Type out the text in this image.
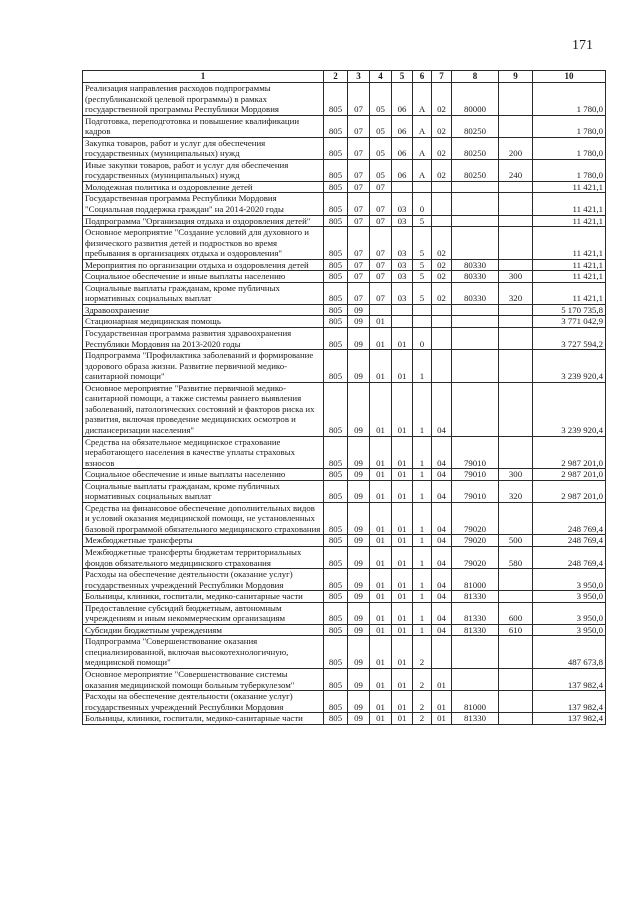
171
1	2	3	4	5	6	7	8	9	10
Реализация направления расходов подпрограммы (республиканской целевой программы) в рамках государственной программы Республики Мордовия	805	07	05	06	А	02	80000		1 780,0
Подготовка, переподготовка и повышение квалификации кадров	805	07	05	06	А	02	80250		1 780,0
Закупка товаров, работ и услуг для обеспечения государственных (муниципальных) нужд	805	07	05	06	А	02	80250	200	1 780,0
Иные закупки товаров, работ и услуг для обеспечения государственных (муниципальных) нужд	805	07	05	06	А	02	80250	240	1 780,0
Молодежная политика и оздоровление детей	805	07	07						11 421,1
Государственная программа Республики Мордовия "Социальная поддержка граждан" на 2014-2020 годы	805	07	07	03	0				11 421,1
Подпрограмма "Организация отдыха и оздоровления детей"	805	07	07	03	5				11 421,1
Основное мероприятие "Создание условий для духовного и физического развития детей и подростков во время пребывания в организациях отдыха и оздоровления"	805	07	07	03	5	02			11 421,1
Мероприятия по организации отдыха и оздоровления детей	805	07	07	03	5	02	80330		11 421,1
Социальное обеспечение и иные выплаты населению	805	07	07	03	5	02	80330	300	11 421,1
Социальные выплаты гражданам, кроме публичных нормативных социальных выплат	805	07	07	03	5	02	80330	320	11 421,1
Здравоохранение	805	09							5 170 735,8
Стационарная медицинская помощь	805	09	01						3 771 042,9
Государственная программа развития здравоохранения Республики Мордовия на 2013-2020 годы	805	09	01	01	0				3 727 594,2
Подпрограмма "Профилактика заболеваний и формирование здорового образа жизни. Развитие первичной медико-санитарной помощи"	805	09	01	01	1				3 239 920,4
Основное мероприятие "Развитие первичной медико-санитарной помощи, а также системы раннего выявления заболеваний, патологических состояний и факторов риска их развития, включая проведение медицинских осмотров и диспансеризации населения"	805	09	01	01	1	04			3 239 920,4
Средства на обязательное медицинское страхование неработающего населения в качестве уплаты страховых взносов	805	09	01	01	1	04	79010		2 987 201,0
Социальное обеспечение и иные выплаты населению	805	09	01	01	1	04	79010	300	2 987 201,0
Социальные выплаты гражданам, кроме публичных нормативных социальных выплат	805	09	01	01	1	04	79010	320	2 987 201,0
Средства на финансовое обеспечение дополнительных видов и условий оказания медицинской помощи, не установленных базовой программой обязательного медицинского страхования	805	09	01	01	1	04	79020		248 769,4
Межбюджетные трансферты	805	09	01	01	1	04	79020	500	248 769,4
Межбюджетные трансферты бюджетам территориальных фондов обязательного медицинского страхования	805	09	01	01	1	04	79020	580	248 769,4
Расходы на обеспечение деятельности (оказание услуг) государственных учреждений Республики Мордовия	805	09	01	01	1	04	81000		3 950,0
Больницы, клиники, госпитали, медико-санитарные части	805	09	01	01	1	04	81330		3 950,0
Предоставление субсидий бюджетным, автономным учреждениям и иным некоммерческим организациям	805	09	01	01	1	04	81330	600	3 950,0
Субсидии бюджетным учреждениям	805	09	01	01	1	04	81330	610	3 950,0
Подпрограмма "Совершенствование оказания специализированной, включая высокотехнологичную, медицинской помощи"	805	09	01	01	2				487 673,8
Основное мероприятие "Совершенствование системы оказания медицинской помощи больным туберкулезом"	805	09	01	01	2	01			137 982,4
Расходы на обеспечение деятельности (оказание услуг) государственных учреждений Республики Мордовия	805	09	01	01	2	01	81000		137 982,4
Больницы, клиники, госпитали, медико-санитарные части	805	09	01	01	2	01	81330		137 982,4
